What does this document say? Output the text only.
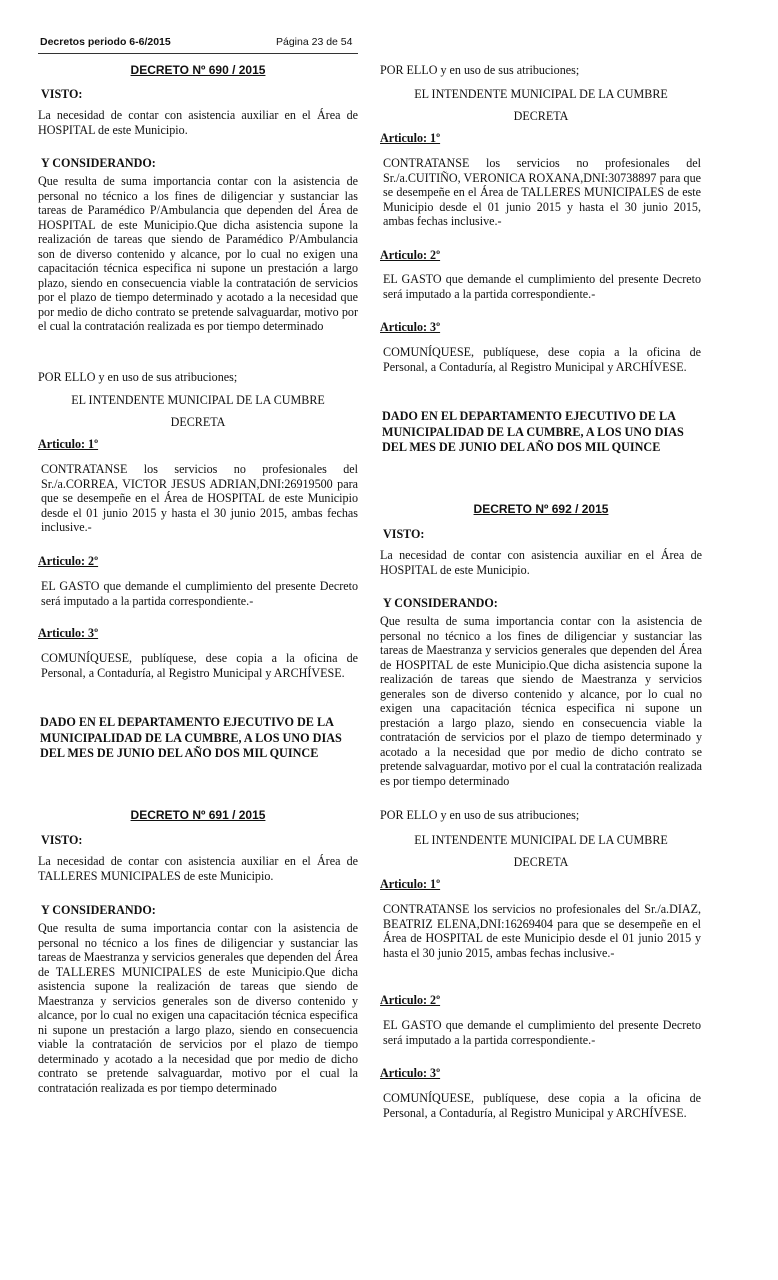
Decretos periodo 6-6/2015	Página 23 de 54
DECRETO Nº 690 / 2015
VISTO:

La necesidad de contar con asistencia auxiliar en el Área de HOSPITAL de este Municipio.

Y CONSIDERANDO:

Que resulta de suma importancia contar con la asistencia de personal no técnico a los fines de diligenciar y sustanciar las tareas de Paramédico P/Ambulancia que dependen del Área de HOSPITAL de este Municipio.Que dicha asistencia supone la realización de tareas que siendo de Paramédico P/Ambulancia son de diverso contenido y alcance, por lo cual no exigen una capacitación técnica especifica ni supone un prestación a largo plazo, siendo en consecuencia viable la contratación de servicios por el plazo de tiempo determinado y acotado a la necesidad que por medio de dicho contrato se pretende salvaguardar, motivo por el cual la contratación realizada es por tiempo determinado

POR ELLO y en uso de sus atribuciones;

EL INTENDENTE MUNICIPAL DE LA CUMBRE
DECRETA
Articulo: 1º

CONTRATANSE los servicios no profesionales del Sr./a.CORREA, VICTOR JESUS ADRIAN,DNI:26919500 para que se desempeñe en el Área de HOSPITAL de este Municipio desde el 01 junio 2015 y hasta el 30 junio 2015, ambas fechas inclusive.-

Articulo: 2º

EL GASTO que demande el cumplimiento del presente Decreto será imputado a la partida correspondiente.-

Articulo: 3º

COMUNÍQUESE, publíquese, dese copia a la oficina de Personal, a Contaduría, al Registro Municipal y ARCHÍVESE.

DADO EN EL DEPARTAMENTO EJECUTIVO DE LA MUNICIPALIDAD DE LA CUMBRE, A LOS UNO DIAS DEL MES DE JUNIO DEL AÑO DOS MIL QUINCE

DECRETO Nº 691 / 2015
VISTO:

La necesidad de contar con asistencia auxiliar en el Área de TALLERES MUNICIPALES de este Municipio.

Y CONSIDERANDO:

Que resulta de suma importancia contar con la asistencia de personal no técnico a los fines de diligenciar y sustanciar las tareas de Maestranza y servicios generales que dependen del Área de TALLERES MUNICIPALES de este Municipio.Que dicha asistencia supone la realización de tareas que siendo de Maestranza y servicios generales son de diverso contenido y alcance, por lo cual no exigen una capacitación técnica especifica ni supone un prestación a largo plazo, siendo en consecuencia viable la contratación de servicios por el plazo de tiempo determinado y acotado a la necesidad que por medio de dicho contrato se pretende salvaguardar, motivo por el cual la contratación realizada es por tiempo determinado

POR ELLO y en uso de sus atribuciones;

EL INTENDENTE MUNICIPAL DE LA CUMBRE
DECRETA
Articulo: 1º

CONTRATANSE los servicios no profesionales del Sr./a.CUITIÑO, VERONICA ROXANA,DNI:30738897 para que se desempeñe en el Área de TALLERES MUNICIPALES de este Municipio desde el 01 junio 2015 y hasta el 30 junio 2015, ambas fechas inclusive.-

Articulo: 2º

EL GASTO que demande el cumplimiento del presente Decreto será imputado a la partida correspondiente.-

Articulo: 3º

COMUNÍQUESE, publíquese, dese copia a la oficina de Personal, a Contaduría, al Registro Municipal y ARCHÍVESE.

DADO EN EL DEPARTAMENTO EJECUTIVO DE LA MUNICIPALIDAD DE LA CUMBRE, A LOS UNO DIAS DEL MES DE JUNIO DEL AÑO DOS MIL QUINCE

DECRETO Nº 692 / 2015
VISTO:

La necesidad de contar con asistencia auxiliar en el Área de HOSPITAL de este Municipio.

Y CONSIDERANDO:

Que resulta de suma importancia contar con la asistencia de personal no técnico a los fines de diligenciar y sustanciar las tareas de Maestranza y servicios generales que dependen del Área de HOSPITAL de este Municipio.Que dicha asistencia supone la realización de tareas que siendo de Maestranza y servicios generales son de diverso contenido y alcance, por lo cual no exigen una capacitación técnica especifica ni supone un prestación a largo plazo, siendo en consecuencia viable la contratación de servicios por el plazo de tiempo determinado y acotado a la necesidad que por medio de dicho contrato se pretende salvaguardar, motivo por el cual la contratación realizada es por tiempo determinado

POR ELLO y en uso de sus atribuciones;

EL INTENDENTE MUNICIPAL DE LA CUMBRE
DECRETA
Articulo: 1º

CONTRATANSE los servicios no profesionales del Sr./a.DIAZ, BEATRIZ ELENA,DNI:16269404 para que se desempeñe en el Área de HOSPITAL de este Municipio desde el 01 junio 2015 y hasta el 30 junio 2015, ambas fechas inclusive.-

Articulo: 2º

EL GASTO que demande el cumplimiento del presente Decreto será imputado a la partida correspondiente.-

Articulo: 3º

COMUNÍQUESE, publíquese, dese copia a la oficina de Personal, a Contaduría, al Registro Municipal y ARCHÍVESE.
